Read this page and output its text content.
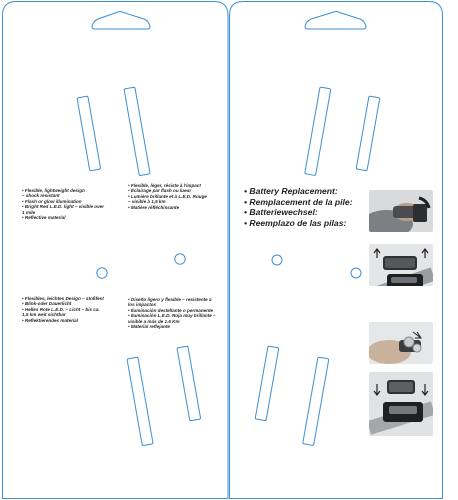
• Flexible, lightweight design
– shock resistant
• Flash or glow illumination
• Bright Red L.E.D. light – visible over
1 mile
• Reflective material
• Flexible, léger, résiste à l'impact
• Éclairage par flash ou lueur
• Lumière brillante et à L.E.D. Rouge
– visible à 1,5 km
• Matière réfléchissante
• Flexibles, leichtes Design – stoßfest
• Blink-oder Dauerlicht
• Helles Rote L.E.D. – Licht – bis ca.
1,5 km weit sichtbar
• Reflektierendes material
• Diseño ligero y flexible – resistente a
los impactos
• Iluminación destellante o permanente
• Iluminación L.E.D. Roja muy brillante –
visible a más de 1.6 Km
• Material reflejante
• Battery Replacement:
• Remplacement de la pile:
• Batteriewechsel:
• Reemplazo de las pilas:
